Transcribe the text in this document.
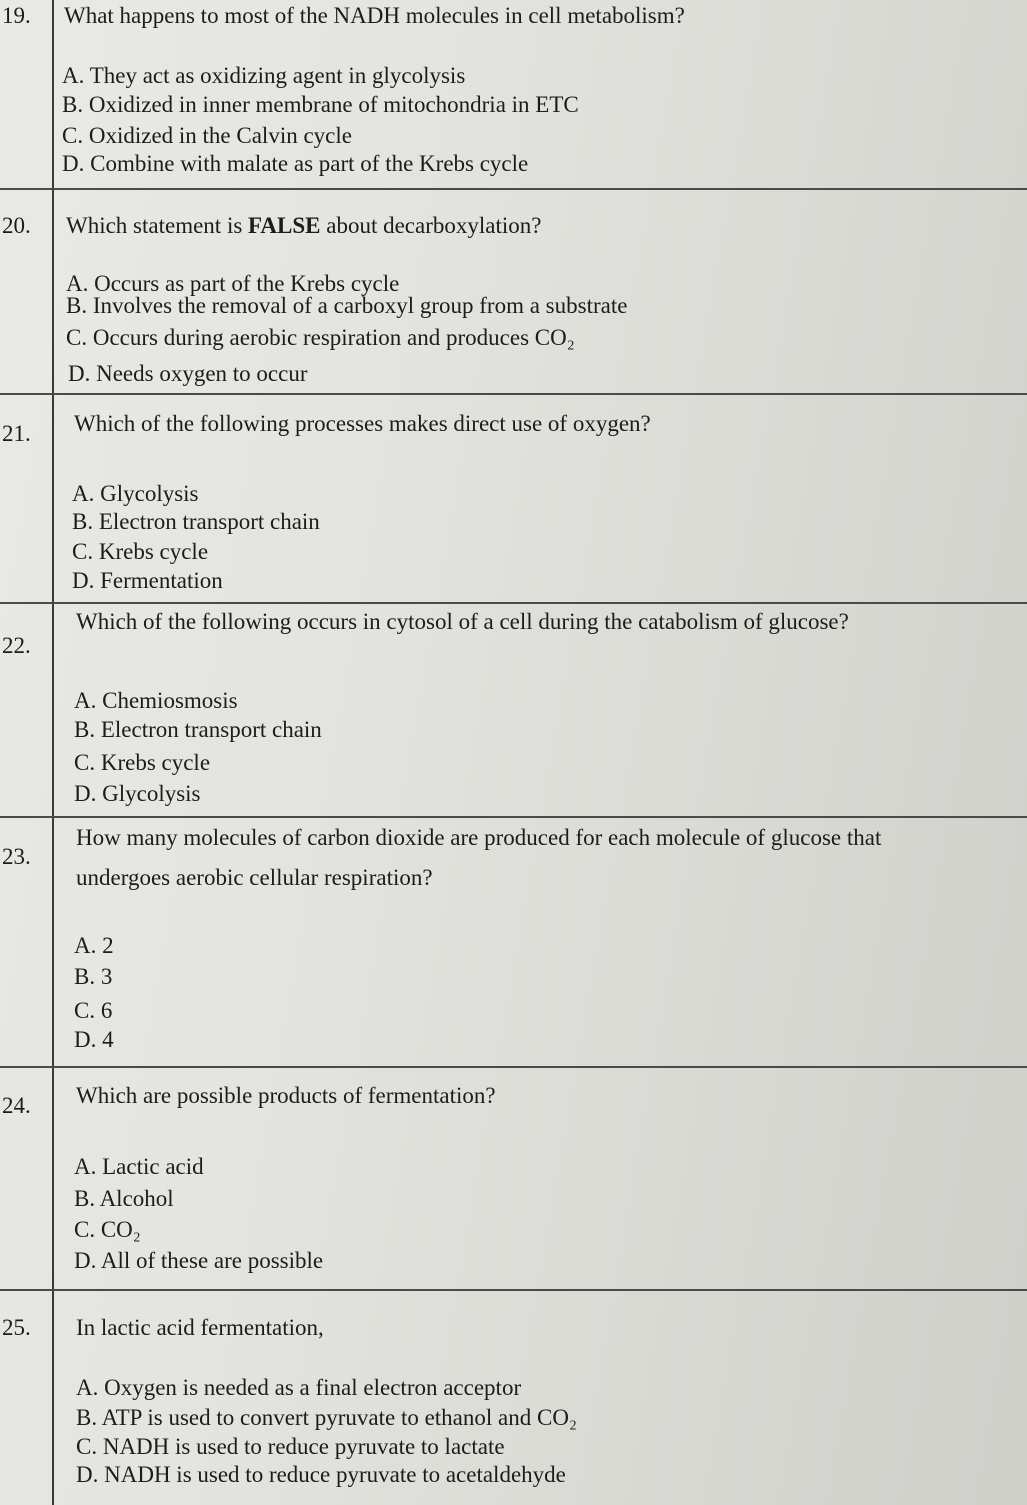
19. What happens to most of the NADH molecules in cell metabolism?
A. They act as oxidizing agent in glycolysis
B. Oxidized in inner membrane of mitochondria in ETC
C. Oxidized in the Calvin cycle
D. Combine with malate as part of the Krebs cycle
20. Which statement is FALSE about decarboxylation?
A. Occurs as part of the Krebs cycle
B. Involves the removal of a carboxyl group from a substrate
C. Occurs during aerobic respiration and produces CO₂
D. Needs oxygen to occur
21. Which of the following processes makes direct use of oxygen?
A. Glycolysis
B. Electron transport chain
C. Krebs cycle
D. Fermentation
22.
Which of the following occurs in cytosol of a cell during the catabolism of glucose?
A. Chemiosmosis
B. Electron transport chain
C. Krebs cycle
D. Glycolysis
23.
How many molecules of carbon dioxide are produced for each molecule of glucose that
undergoes aerobic cellular respiration?
A. 2
B. 3
C. 6
D. 4
24. Which are possible products of fermentation?
A. Lactic acid
B. Alcohol
C. CO₂
D. All of these are possible
25. In lactic acid fermentation,
A. Oxygen is needed as a final electron acceptor
B. ATP is used to convert pyruvate to ethanol and CO₂
C. NADH is used to reduce pyruvate to lactate
D. NADH is used to reduce pyruvate to acetaldehyde
